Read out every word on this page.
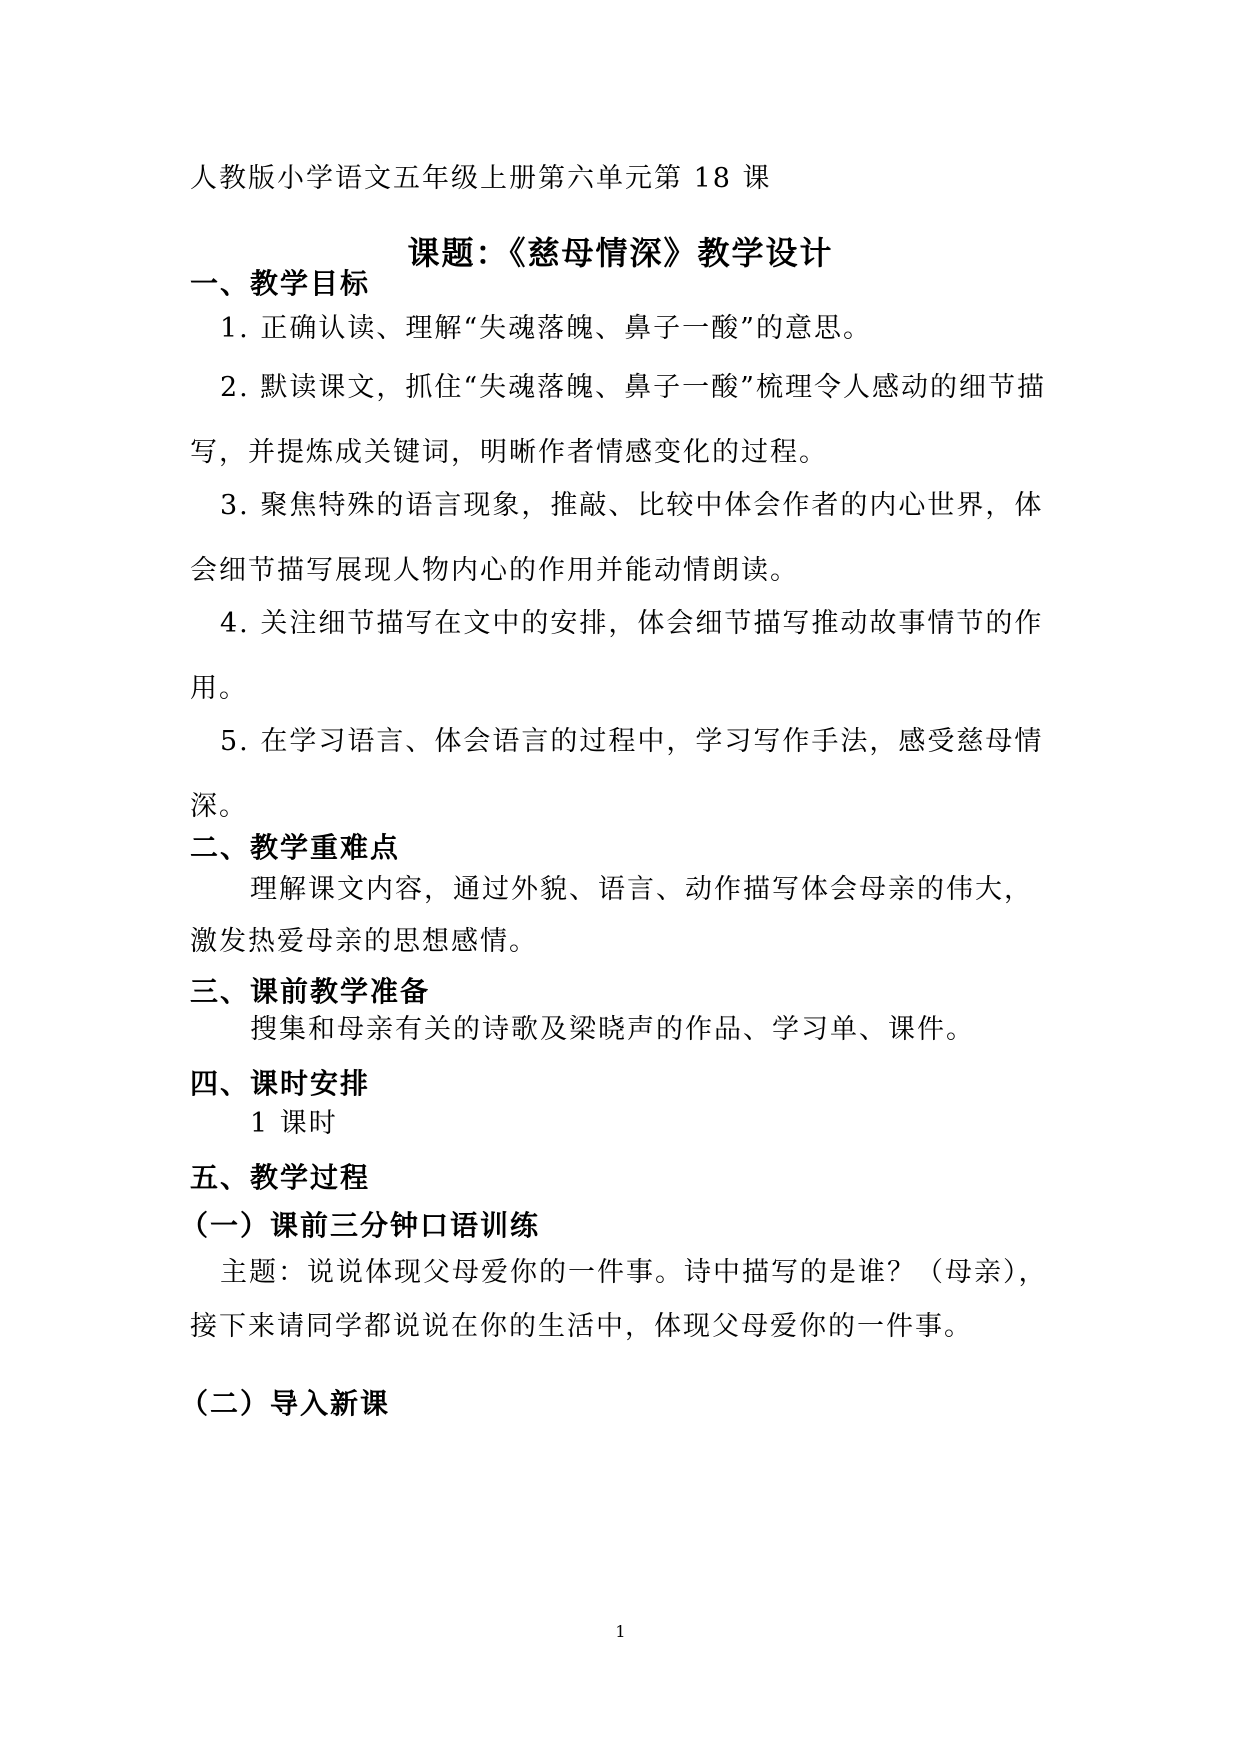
人教版小学语文五年级上册第六单元第 18 课

课题：《慈母情深》教学设计
一、教学目标

1. 正确认读、理解“失魂落魄、鼻子一酸”的意思。

2. 默读课文，抓住“失魂落魄、鼻子一酸”梳理令人感动的细节描写，并提炼成关键词，明晰作者情感变化的过程。

3. 聚焦特殊的语言现象，推敲、比较中体会作者的内心世界，体会细节描写展现人物内心的作用并能动情朗读。

4. 关注细节描写在文中的安排，体会细节描写推动故事情节的作用。

5. 在学习语言、体会语言的过程中，学习写作手法，感受慈母情深。

二、教学重难点

理解课文内容，通过外貌、语言、动作描写体会母亲的伟大，激发热爱母亲的思想感情。

三、课前教学准备

搜集和母亲有关的诗歌及梁晓声的作品、学习单、课件。

四、课时安排

1 课时

五、教学过程
（一）课前三分钟口语训练

主题：说说体现父母爱你的一件事。诗中描写的是谁？（母亲），接下来请同学都说说在你的生活中，体现父母爱你的一件事。

（二）导入新课
1
